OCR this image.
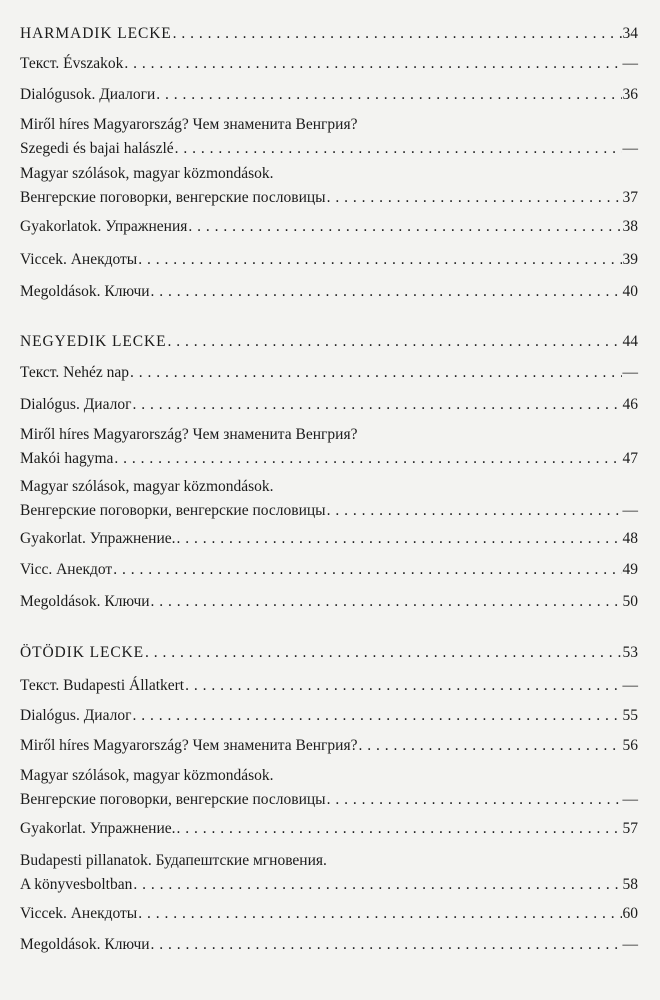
HARMADIK LECKE . . .	34
Текст. Évszakok . . .	—
Dialógusok. Диалоги . . .	36
Miről híres Magyarország? Чем знаменита Венгрия?
Szegedi és bajai halászlé . . .	—
Magyar szólások, magyar közmondások.
Венгерские поговорки, венгерские пословицы . . .	37
Gyakorlatok. Упражнения . . .	38
Viccek. Анекдоты . . .	39
Megoldások. Ключи . . .	40
NEGYEDIK LECKE . . .	44
Текст. Nehéz nap . . .	—
Dialógus. Диалог . . .	46
Miről híres Magyarország? Чем знаменита Венгрия?
Makói hagyma . . .	47
Magyar szólások, magyar közmondások.
Венгерские поговорки, венгерские пословицы . . .	—
Gyakorlat. Упражнение. . . .	48
Vicc. Анекдот . . .	49
Megoldások. Ключи . . .	50
ÖTÖDIK LECKE . . .	53
Текст. Budapesti Állatkert . . .	—
Dialógus. Диалог . . .	55
Miről híres Magyarország? Чем знаменита Венгрия? . . .	56
Magyar szólások, magyar közmondások.
Венгерские поговорки, венгерские пословицы . . .	—
Gyakorlat. Упражнение. . . .	57
Budapesti pillanatok. Будапештские мгновения.
A könyvesboltban . . .	58
Viccek. Анекдоты . . .	60
Megoldások. Ключи . . .	—
